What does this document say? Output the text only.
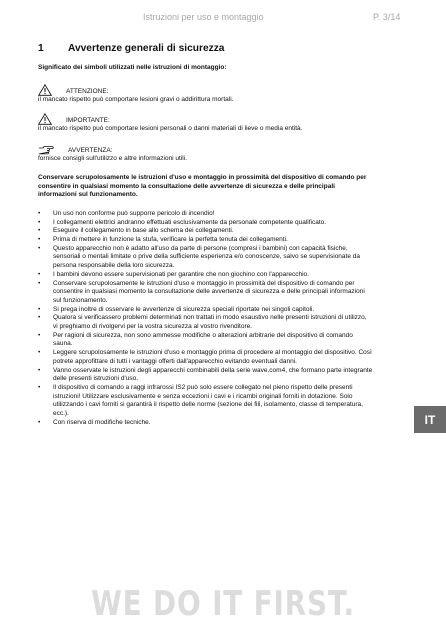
Istruzioni per uso e montaggio	P. 3/14
1 Avvertenze generali di sicurezza
Significato dei simboli utilizzati nelle istruzioni di montaggio:
ATTENZIONE:
il mancato rispetto può comportare lesioni gravi o addirittura mortali.
IMPORTANTE:
il mancato rispetto può comportare lesioni personali o danni materiali di lieve o media entità.
AVVERTENZA:
fornisce consigli sull'utilizzo e altre informazioni utili.
Conservare scrupolosamente le istruzioni d'uso e montaggio in prossimità del dispositivo di comando per consentire in qualsiasi momento la consultazione delle avvertenze di sicurezza e delle principali informazioni sul funzionamento.
• Un uso non conforme può supporre pericolo di incendio!
• I collegamenti elettrici andranno effettuati esclusivamente da personale competente qualificato.
• Eseguire il collegamento in base allo schema dei collegamenti.
• Prima di mettere in funzione la stufa, verificare la perfetta tenuta dei collegamenti.
• Questo apparecchio non è adatto all'uso da parte di persone (compresi i bambini) con capacità fisiche, sensoriali o mentali limitate o prive della sufficiente esperienza e/o conoscenze, salvo se supervisionate da persona responsabile della loro sicurezza.
• I bambini devono essere supervisionati per garantire che non giochino con l'apparecchio.
• Conservare scrupolosamente le istruzioni d'uso e montaggio in prossimità del dispositivo di comando per consentire in qualsiasi momento la consultazione delle avvertenze di sicurezza e delle principali informazioni sul funzionamento.
• Si prega inoltre di osservare le avvertenze di sicurezza speciali riportate nei singoli capitoli.
• Qualora si verificassero problemi determinati non trattati in modo esaustivo nelle presenti istruzioni di utilizzo, vi preghiamo di rivolgervi per la vostra sicurezza al vostro rivenditore.
• Per ragioni di sicurezza, non sono ammesse modifiche o alterazioni arbitrarie del dispositivo di comando sauna.
• Leggere scrupolosamente le istruzioni d'uso e montaggio prima di procedere al montaggio del dispositivo. Così potrete approfittare di tutti i vantaggi offerti dall'apparecchio evitando eventuali danni.
• Vanno osservate le istruzioni degli apparecchi combinabili della serie wave.com4, che formano parte integrante delle presenti istruzioni d'uso.
• Il dispositivo di comando a raggi infrarossi IS2 può solo essere collegato nel pieno rispetto delle presenti istruzioni! Utilizzare esclusivamente e senza eccezioni i cavi e i ricambi originali forniti in dotazione. Solo utilizzando i cavi forniti si garantirà il rispetto delle norme (sezione dei fili, isolamento, classe di temperatura, ecc.).
• Con riserva di modifiche tecniche.	IT
WE DO IT FIRST.
